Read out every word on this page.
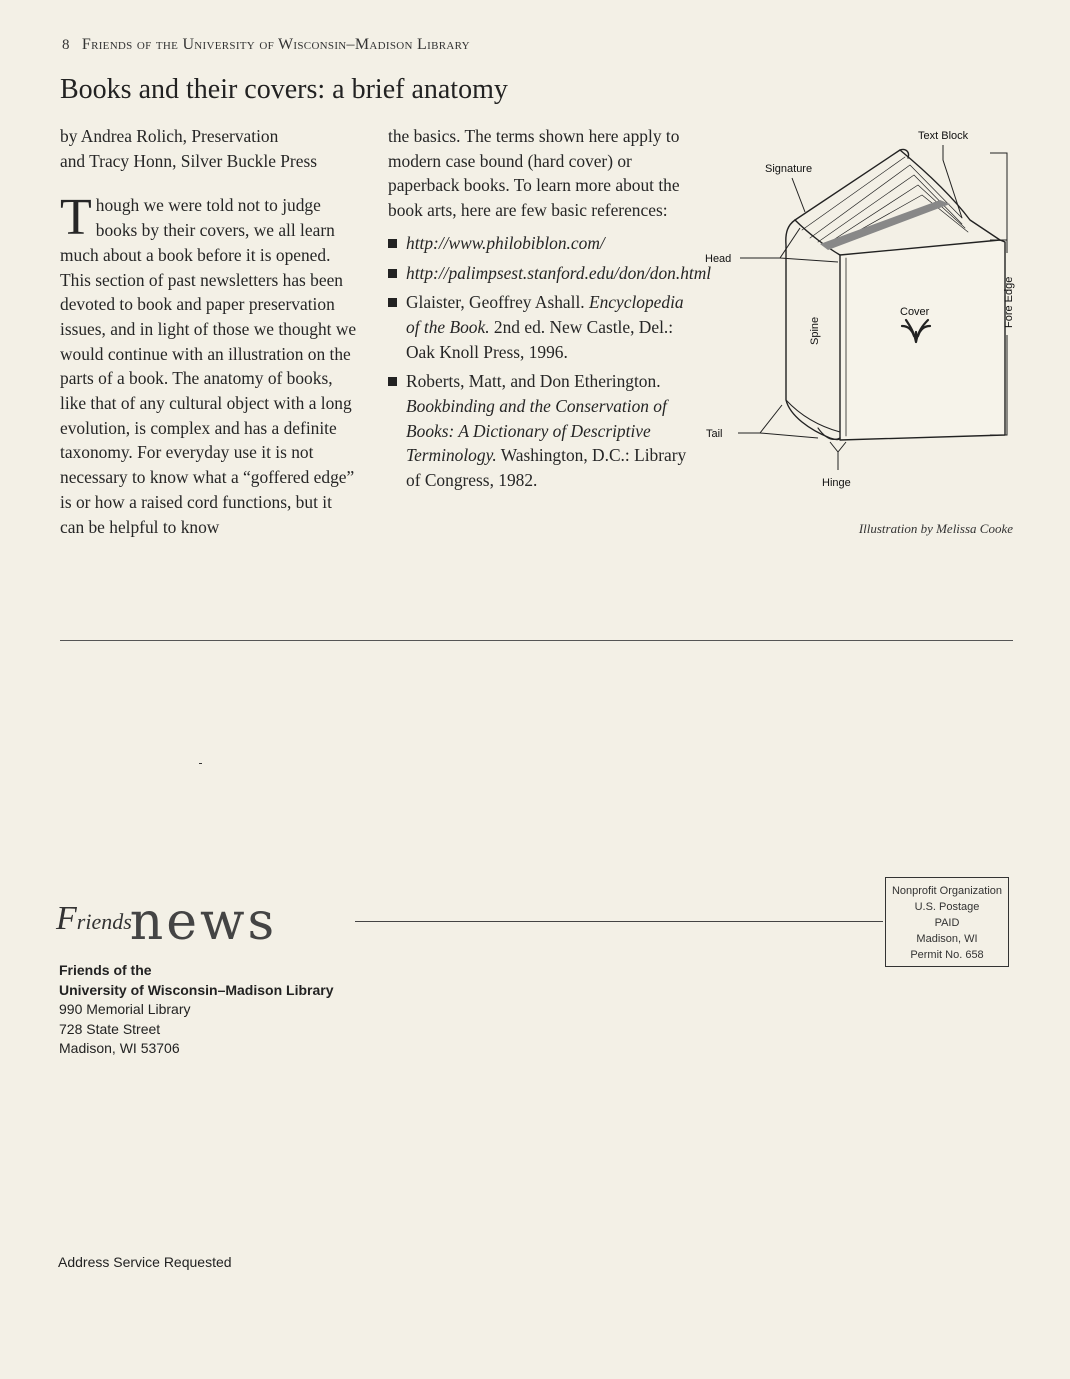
8 Friends of the University of Wisconsin–Madison Library
Books and their covers: a brief anatomy
by Andrea Rolich, Preservation
and Tracy Honn, Silver Buckle Press

Though we were told not to judge books by their covers, we all learn much about a book before it is opened. This section of past newsletters has been devoted to book and paper preservation issues, and in light of those we thought we would continue with an illustration on the parts of a book. The anatomy of books, like that of any cultural object with a long evolution, is complex and has a definite taxonomy. For everyday use it is not necessary to know what a “goffered edge” is or how a raised cord functions, but it can be helpful to know

the basics. The terms shown here apply to modern case bound (hard cover) or paperback books. To learn more about the book arts, here are few basic references:

http://www.philobiblon.com/
http://palimpsest.stanford.edu/don/don.html
Glaister, Geoffrey Ashall. Encyclopedia of the Book. 2nd ed. New Castle, Del.: Oak Knoll Press, 1996.
Roberts, Matt, and Don Etherington. Bookbinding and the Conservation of Books: A Dictionary of Descriptive Terminology. Washington, D.C.: Library of Congress, 1982.
Text Block
Signature
Head
Cover
Spine
Fore Edge
Tail
Hinge
Illustration by Melissa Cooke
Friendsnews
Nonprofit Organization
U.S. Postage
PAID
Madison, WI
Permit No. 658
Friends of the
University of Wisconsin–Madison Library
990 Memorial Library
728 State Street
Madison, WI 53706
Address Service Requested
